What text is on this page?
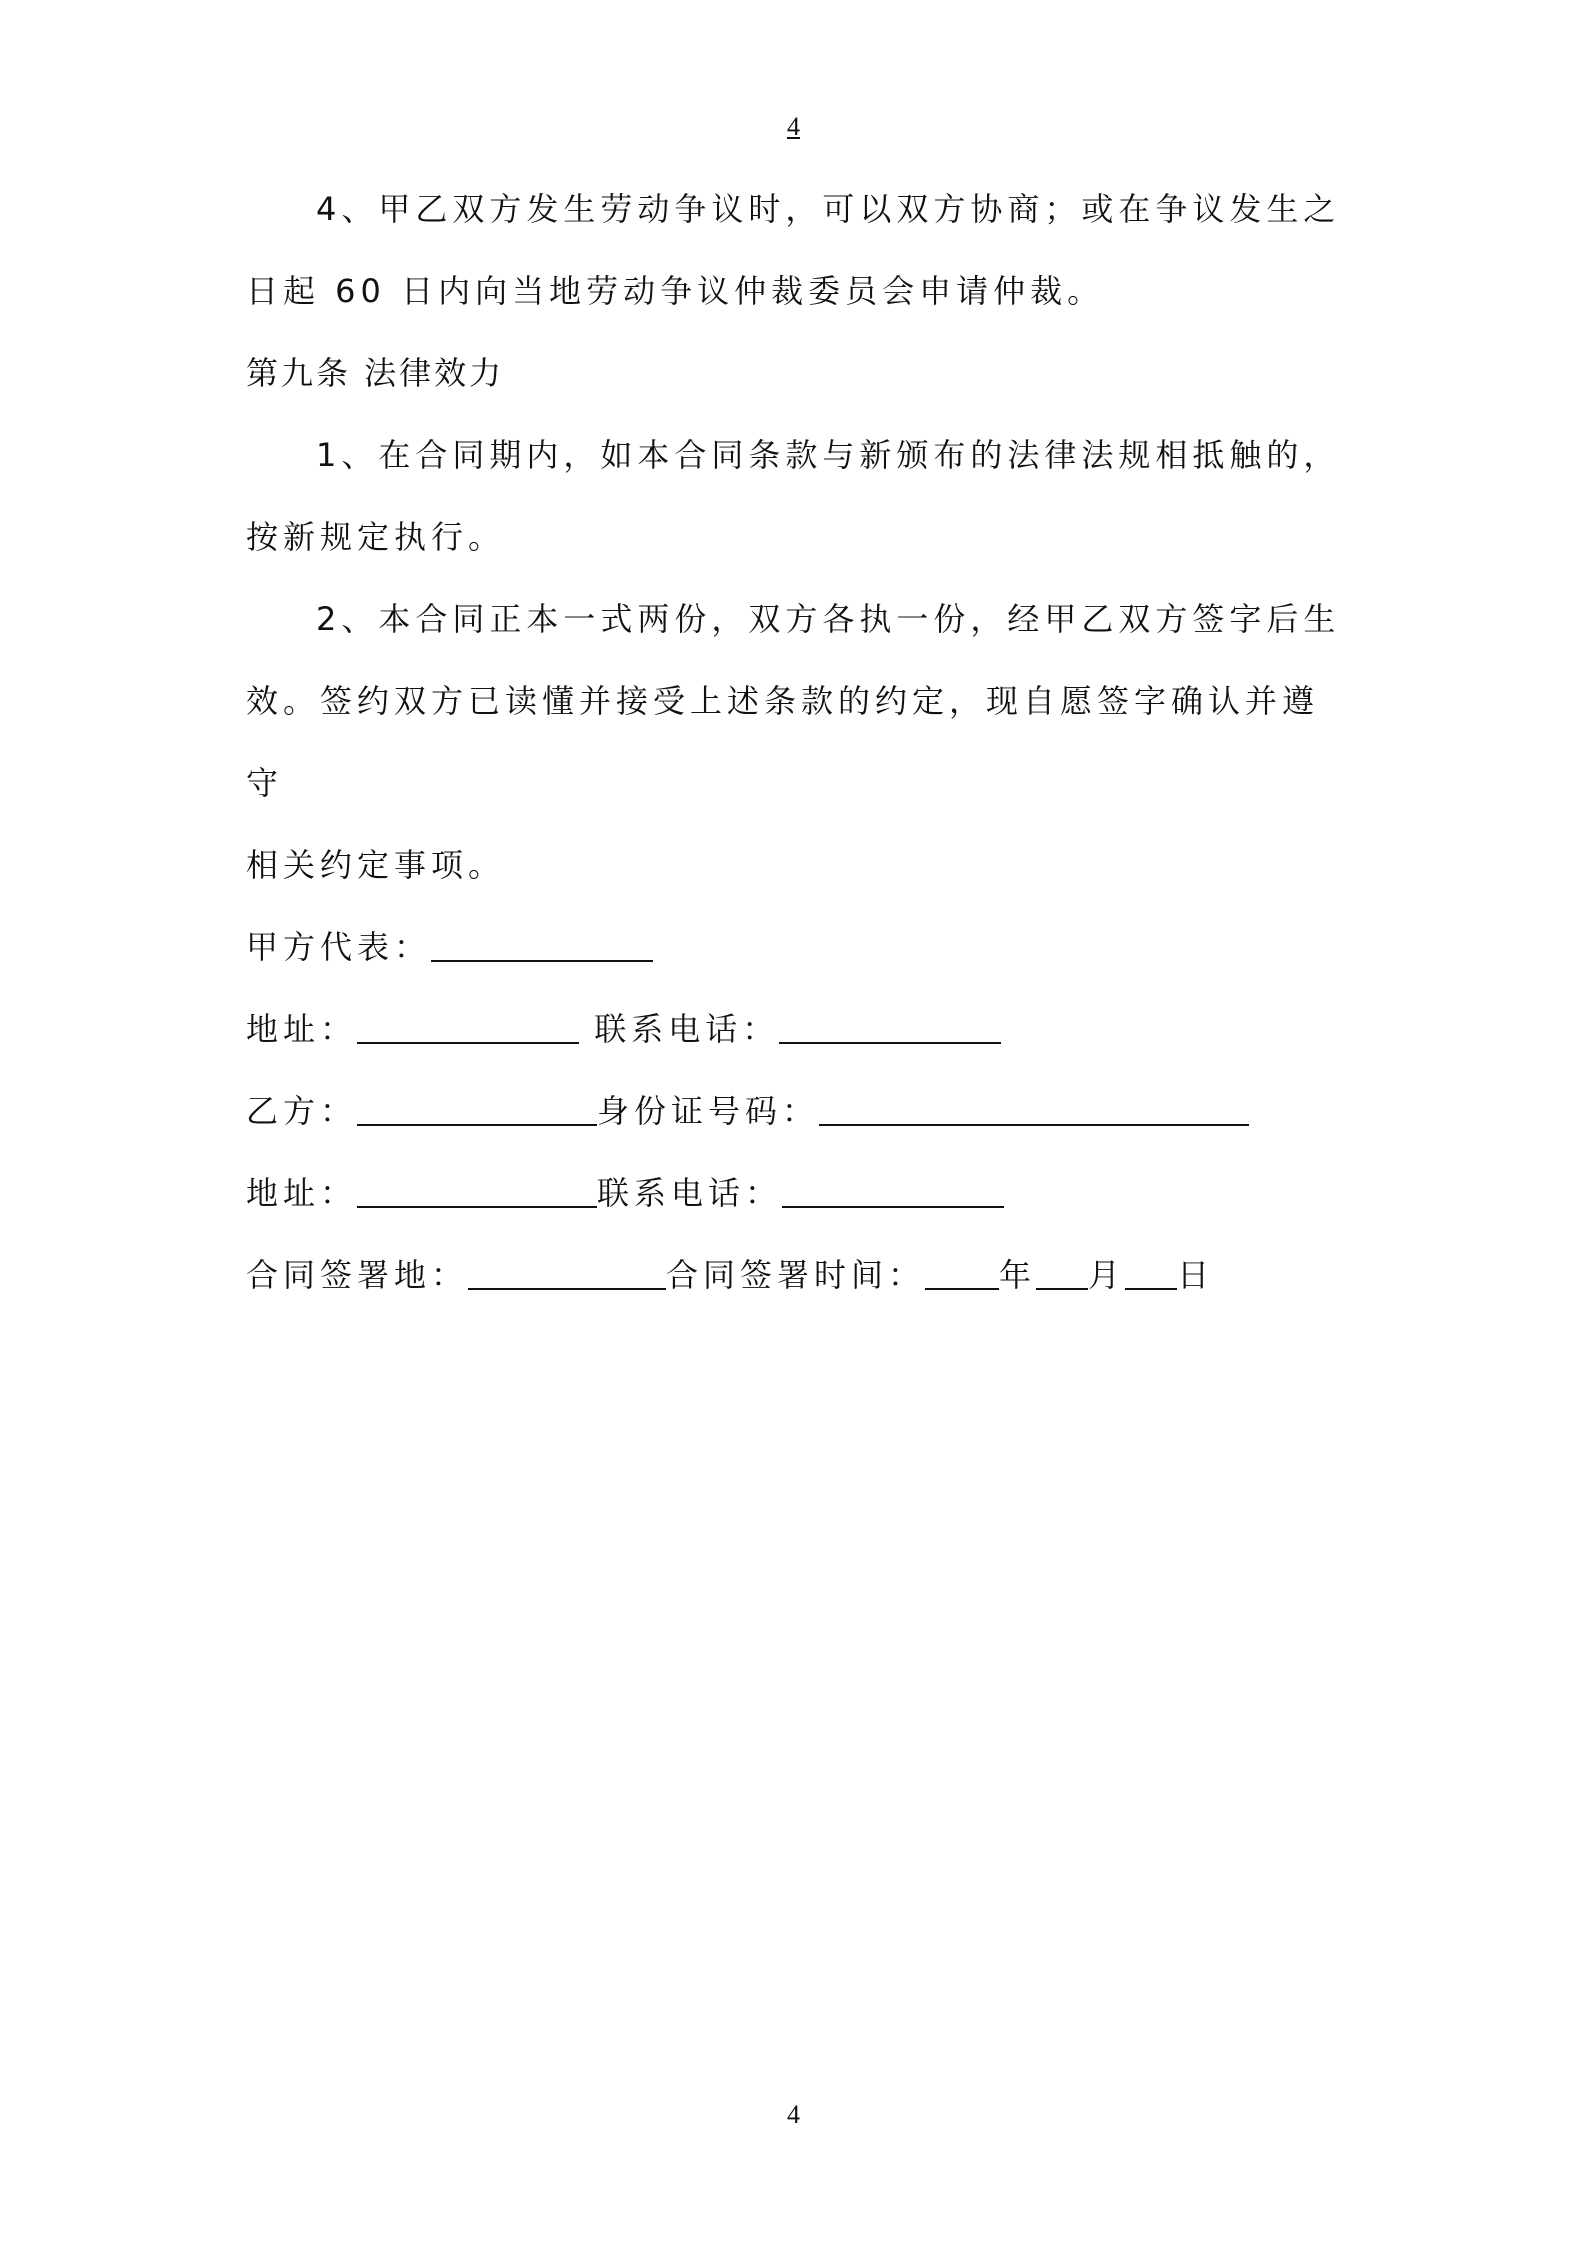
4

4、甲乙双方发生劳动争议时，可以双方协商；或在争议发生之

日起 60 日内向当地劳动争议仲裁委员会申请仲裁。

第九条 法律效力

1、在合同期内，如本合同条款与新颁布的法律法规相抵触的，

按新规定执行。

2、本合同正本一式两份，双方各执一份，经甲乙双方签字后生

效。签约双方已读懂并接受上述条款的约定，现自愿签字确认并遵守

相关约定事项。

甲方代表：
地址：	联系电话：
乙方：	身份证号码：
地址：	联系电话：
合同签署地：	合同签署时间： 年 月 日
4
